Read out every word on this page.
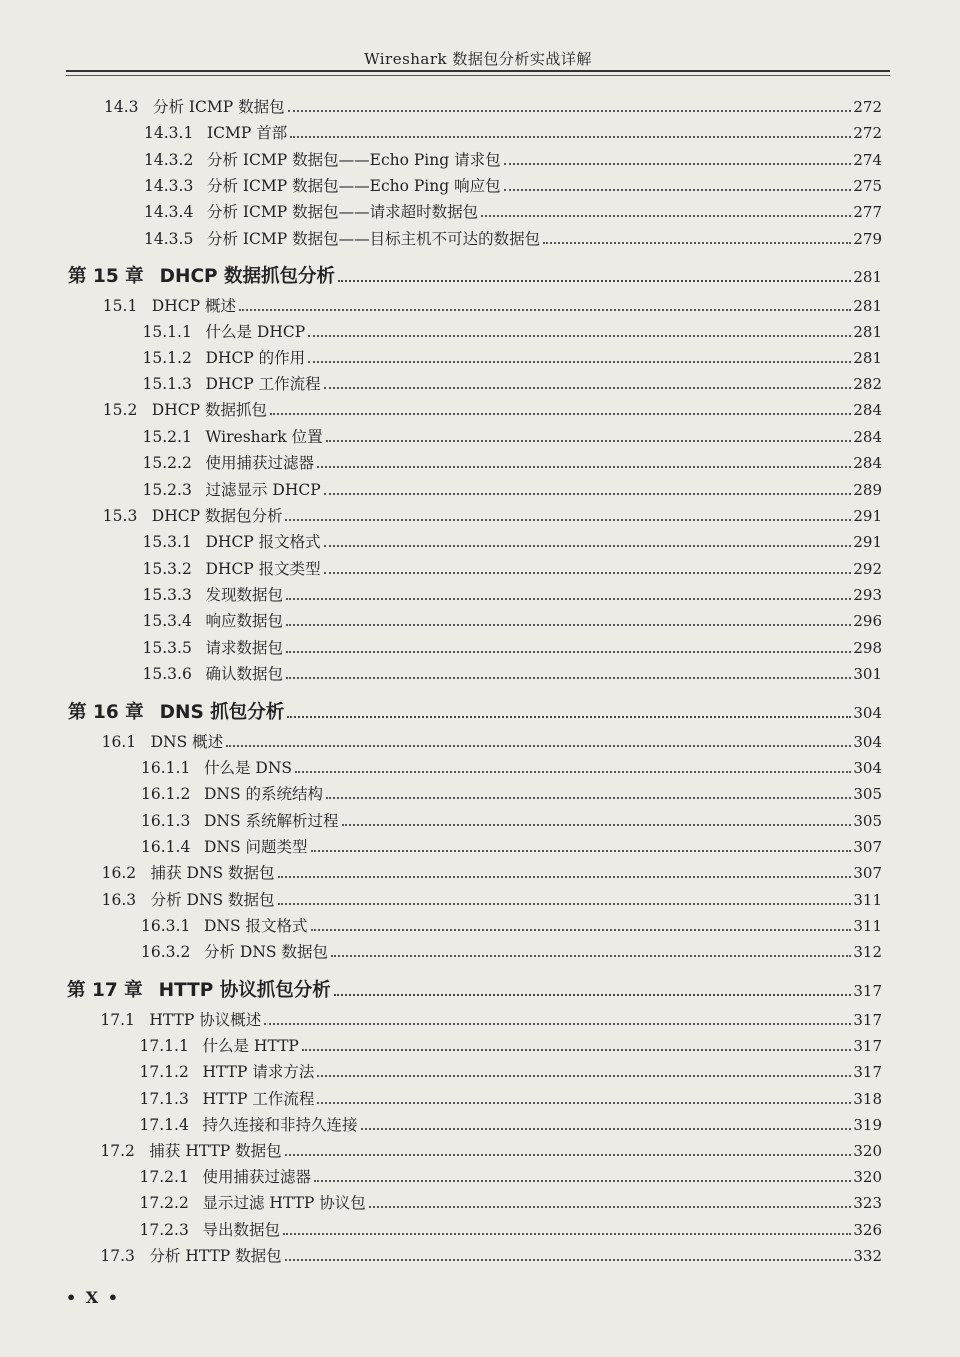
Wireshark 数据包分析实战详解
14.3 分析 ICMP 数据包	272
14.3.1 ICMP 首部	272
14.3.2 分析 ICMP 数据包——Echo Ping 请求包	274
14.3.3 分析 ICMP 数据包——Echo Ping 响应包	275
14.3.4 分析 ICMP 数据包——请求超时数据包	277
14.3.5 分析 ICMP 数据包——目标主机不可达的数据包	279
第 15 章 DHCP 数据抓包分析	281
15.1 DHCP 概述	281
15.1.1 什么是 DHCP	281
15.1.2 DHCP 的作用	281
15.1.3 DHCP 工作流程	282
15.2 DHCP 数据抓包	284
15.2.1 Wireshark 位置	284
15.2.2 使用捕获过滤器	284
15.2.3 过滤显示 DHCP	289
15.3 DHCP 数据包分析	291
15.3.1 DHCP 报文格式	291
15.3.2 DHCP 报文类型	292
15.3.3 发现数据包	293
15.3.4 响应数据包	296
15.3.5 请求数据包	298
15.3.6 确认数据包	301
第 16 章 DNS 抓包分析	304
16.1 DNS 概述	304
16.1.1 什么是 DNS	304
16.1.2 DNS 的系统结构	305
16.1.3 DNS 系统解析过程	305
16.1.4 DNS 问题类型	307
16.2 捕获 DNS 数据包	307
16.3 分析 DNS 数据包	311
16.3.1 DNS 报文格式	311
16.3.2 分析 DNS 数据包	312
第 17 章 HTTP 协议抓包分析	317
17.1 HTTP 协议概述	317
17.1.1 什么是 HTTP	317
17.1.2 HTTP 请求方法	317
17.1.3 HTTP 工作流程	318
17.1.4 持久连接和非持久连接	319
17.2 捕获 HTTP 数据包	320
17.2.1 使用捕获过滤器	320
17.2.2 显示过滤 HTTP 协议包	323
17.2.3 导出数据包	326
17.3 分析 HTTP 数据包	332
• X •
